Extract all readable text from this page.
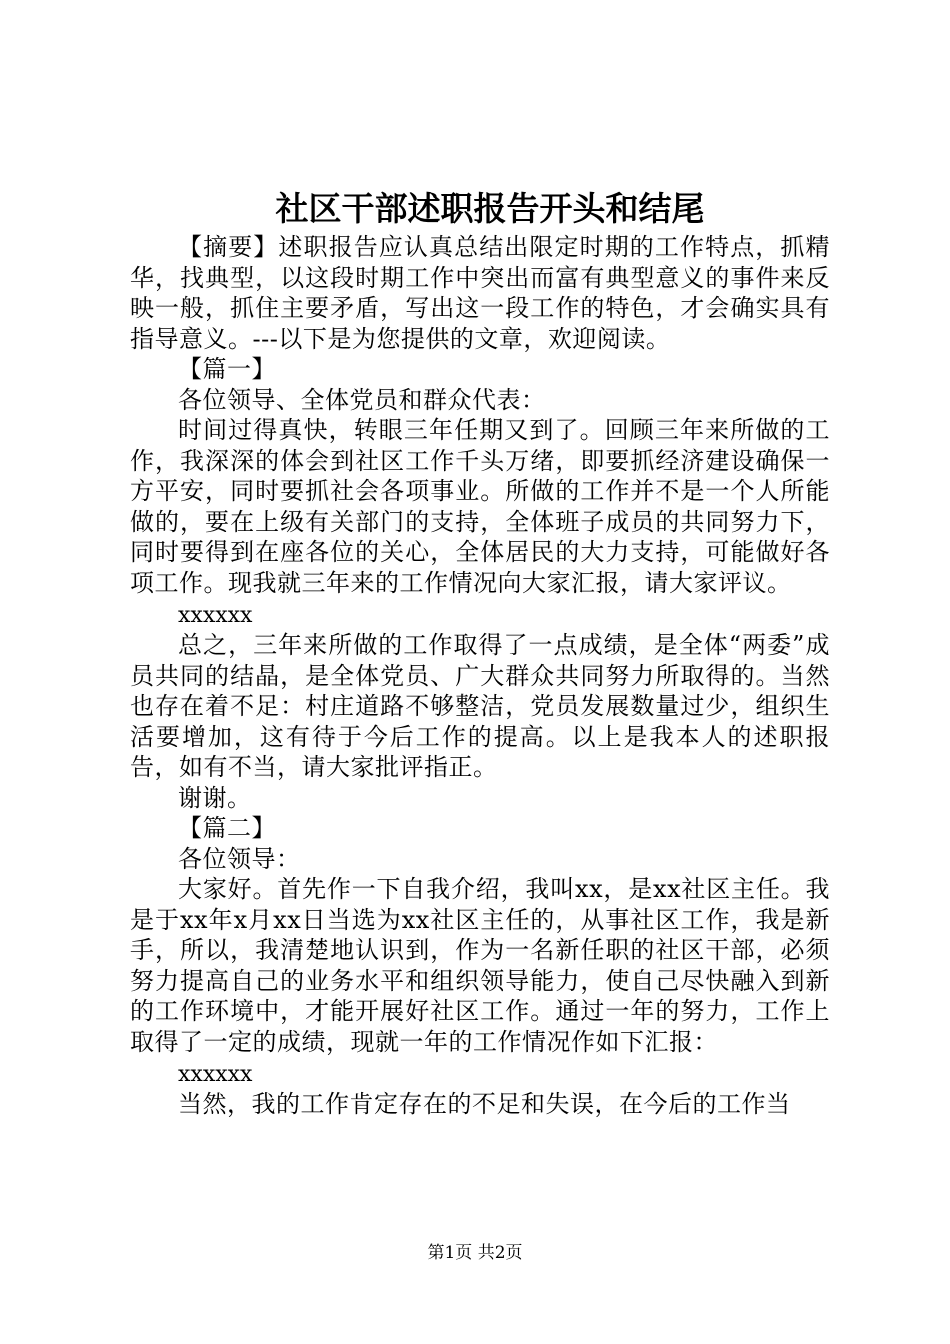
社区干部述职报告开头和结尾

【摘要】述职报告应认真总结出限定时期的工作特点，抓精华，找典型，以这段时期工作中突出而富有典型意义的事件来反映一般，抓住主要矛盾，写出这一段工作的特色，才会确实具有指导意义。---以下是为您提供的文章，欢迎阅读。

【篇一】

各位领导、全体党员和群众代表：

时间过得真快，转眼三年任期又到了。回顾三年来所做的工作，我深深的体会到社区工作千头万绪，即要抓经济建设确保一方平安，同时要抓社会各项事业。所做的工作并不是一个人所能做的，要在上级有关部门的支持，全体班子成员的共同努力下，同时要得到在座各位的关心，全体居民的大力支持，可能做好各项工作。现我就三年来的工作情况向大家汇报，请大家评议。

xxxxxx

总之，三年来所做的工作取得了一点成绩，是全体“两委”成员共同的结晶，是全体党员、广大群众共同努力所取得的。当然也存在着不足：村庄道路不够整洁，党员发展数量过少，组织生活要增加，这有待于今后工作的提高。以上是我本人的述职报告，如有不当，请大家批评指正。

谢谢。

【篇二】

各位领导：

大家好。首先作一下自我介绍，我叫xx，是xx社区主任。我是于xx年x月xx日当选为xx社区主任的，从事社区工作，我是新手，所以，我清楚地认识到，作为一名新任职的社区干部，必须努力提高自己的业务水平和组织领导能力，使自己尽快融入到新的工作环境中，才能开展好社区工作。通过一年的努力，工作上取得了一定的成绩，现就一年的工作情况作如下汇报：

xxxxxx

当然，我的工作肯定存在的不足和失误，在今后的工作当

第1页 共2页
